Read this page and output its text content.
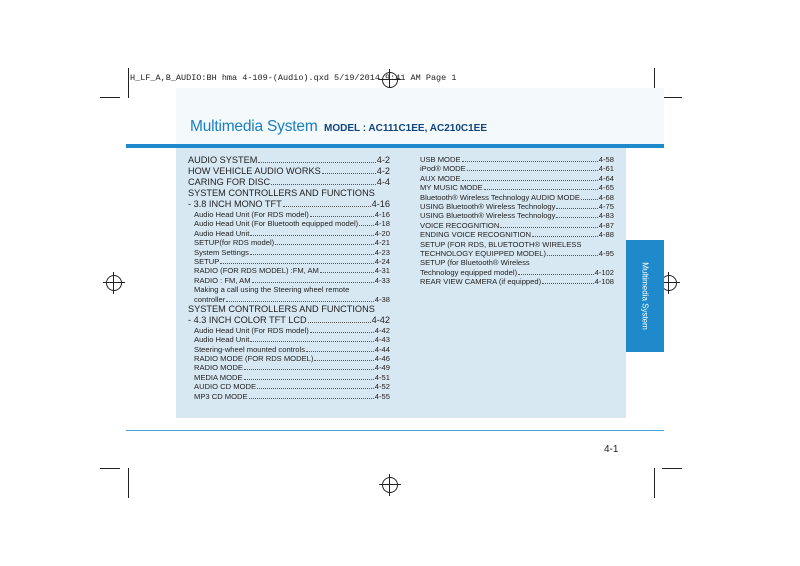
H_LF_A,B_AUDIO:BH hma 4-109-(Audio).qxd 5/19/2014 9:41 AM Page 1
Multimedia System MODEL : AC111C1EE, AC210C1EE
AUDIO SYSTEM	4-2
HOW VEHICLE AUDIO WORKS	4-2
CARING FOR DISC	4-4
SYSTEM CONTROLLERS AND FUNCTIONS
- 3.8 INCH MONO TFT	4-16
Audio Head Unit (For RDS model)	4-16
Audio Head Unit (For Bluetooth equipped model) 4-18
Audio Head Unit	4-20
SETUP(for RDS model)	4-21
System Settings	4-23
SETUP	4-24
RADIO (FOR RDS MODEL) :FM, AM	4-31
RADIO : FM, AM	4-33
Making a call using the Steering wheel remote
controller	4-38
SYSTEM CONTROLLERS AND FUNCTIONS
- 4.3 INCH COLOR TFT LCD	4-42
Audio Head Unit (For RDS model)	4-42
Audio Head Unit	4-43
Steering-wheel mounted controls	4-44
RADIO MODE (FOR RDS MODEL)	4-46
RADIO MODE	4-49
MEDIA MODE	4-51
AUDIO CD MODE	4-52
MP3 CD MODE	4-55
USB MODE	4-58
iPod® MODE	4-61
AUX MODE	4-64
MY MUSIC MODE	4-65
Bluetooth® Wireless Technology AUDIO MODE 4-68
USING Bluetooth® Wireless Technology	4-75
USING Bluetooth® Wireless Technology	4-83
VOICE RECOGNITION	4-87
ENDING VOICE RECOGNITION	4-88
SETUP (FOR RDS, BLUETOOTH® WIRELESS
TECHNOLOGY EQUIPPED MODEL)	4-95
SETUP (for Bluetooth® Wireless
Technology equipped model)	4-102
REAR VIEW CAMERA (if equipped)	4-108	Multimedia System
4-1
